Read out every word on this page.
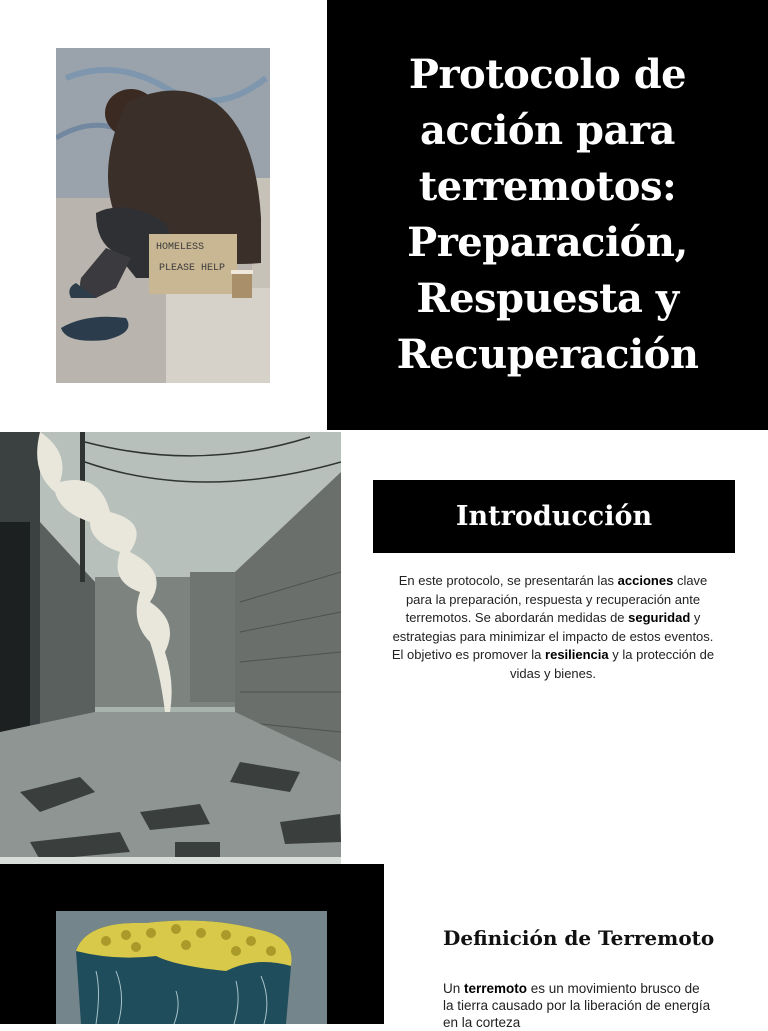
HOMELESS
PLEASE HELP
Protocolo de acción para terremotos: Preparación, Respuesta y Recuperación
Introducción

En este protocolo, se presentarán las acciones clave para la preparación, respuesta y recuperación ante terremotos. Se abordarán medidas de seguridad y estrategias para minimizar el impacto de estos eventos. El objetivo es promover la resiliencia y la protección de vidas y bienes.

Definición de Terremoto

Un terremoto es un movimiento brusco de la tierra causado por la liberación de energía en la corteza
